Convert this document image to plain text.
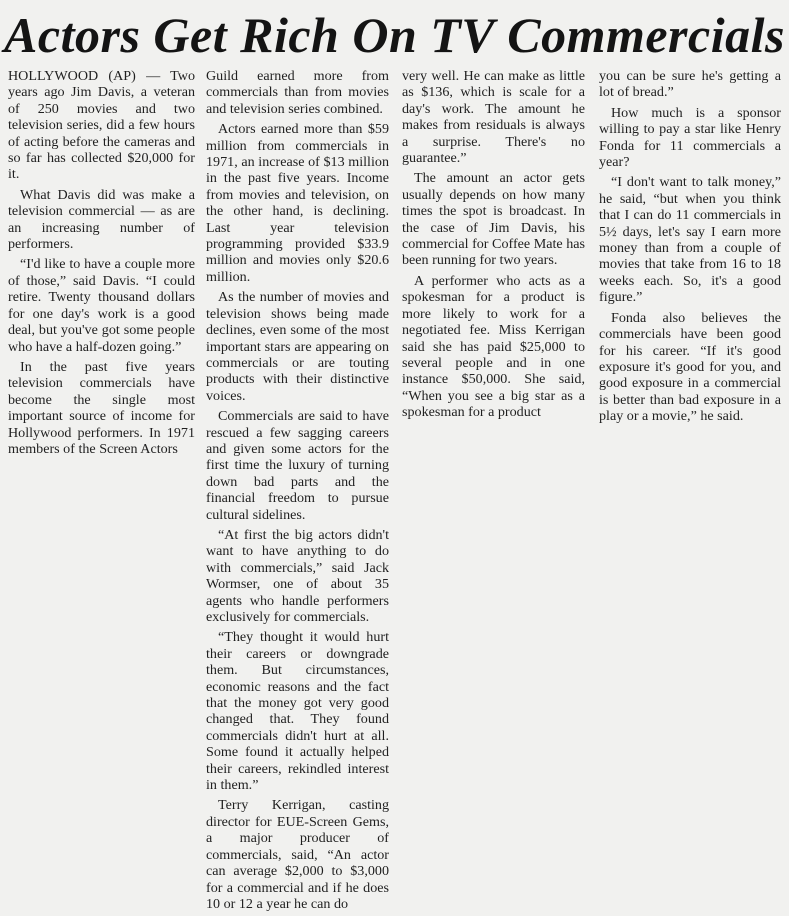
Actors Get Rich On TV Commercials

HOLLYWOOD (AP) — Two years ago Jim Davis, a veteran of 250 movies and two television series, did a few hours of acting before the cameras and so far has collected $20,000 for it.

What Davis did was make a television commercial — as are an increasing number of performers.

“I'd like to have a couple more of those,” said Davis. “I could retire. Twenty thousand dollars for one day's work is a good deal, but you've got some people who have a half-dozen going.”

In the past five years television commercials have become the single most important source of income for Hollywood performers. In 1971 members of the Screen Actors

Guild earned more from commercials than from movies and television series combined.

Actors earned more than $59 million from commercials in 1971, an increase of $13 million in the past five years. Income from movies and television, on the other hand, is declining. Last year television programming provided $33.9 million and movies only $20.6 million.

As the number of movies and television shows being made declines, even some of the most important stars are appearing on commercials or are touting products with their distinctive voices.

Commercials are said to have rescued a few sagging careers and given some actors for the first time the luxury of turning down bad parts and the financial freedom to pursue cultural sidelines.

“At first the big actors didn't want to have anything to do with commercials,” said Jack Wormser, one of about 35 agents who handle performers exclusively for commercials.

“They thought it would hurt their careers or downgrade them. But circumstances, economic reasons and the fact that the money got very good changed that. They found commercials didn't hurt at all. Some found it actually helped their careers, rekindled interest in them.”

Terry Kerrigan, casting director for EUE-Screen Gems, a major producer of commercials, said, “An actor can average $2,000 to $3,000 for a commercial and if he does 10 or 12 a year he can do

very well. He can make as little as $136, which is scale for a day's work. The amount he makes from residuals is always a surprise. There's no guarantee.”

The amount an actor gets usually depends on how many times the spot is broadcast. In the case of Jim Davis, his commercial for Coffee Mate has been running for two years.

A performer who acts as a spokesman for a product is more likely to work for a negotiated fee. Miss Kerrigan said she has paid $25,000 to several people and in one instance $50,000. She said, “When you see a big star as a spokesman for a product

you can be sure he's getting a lot of bread.”

How much is a sponsor willing to pay a star like Henry Fonda for 11 commercials a year?

“I don't want to talk money,” he said, “but when you think that I can do 11 commercials in 5½ days, let's say I earn more money than from a couple of movies that take from 16 to 18 weeks each. So, it's a good figure.”

Fonda also believes the commercials have been good for his career. “If it's good exposure it's good for you, and good exposure in a commercial is better than bad exposure in a play or a movie,” he said.
